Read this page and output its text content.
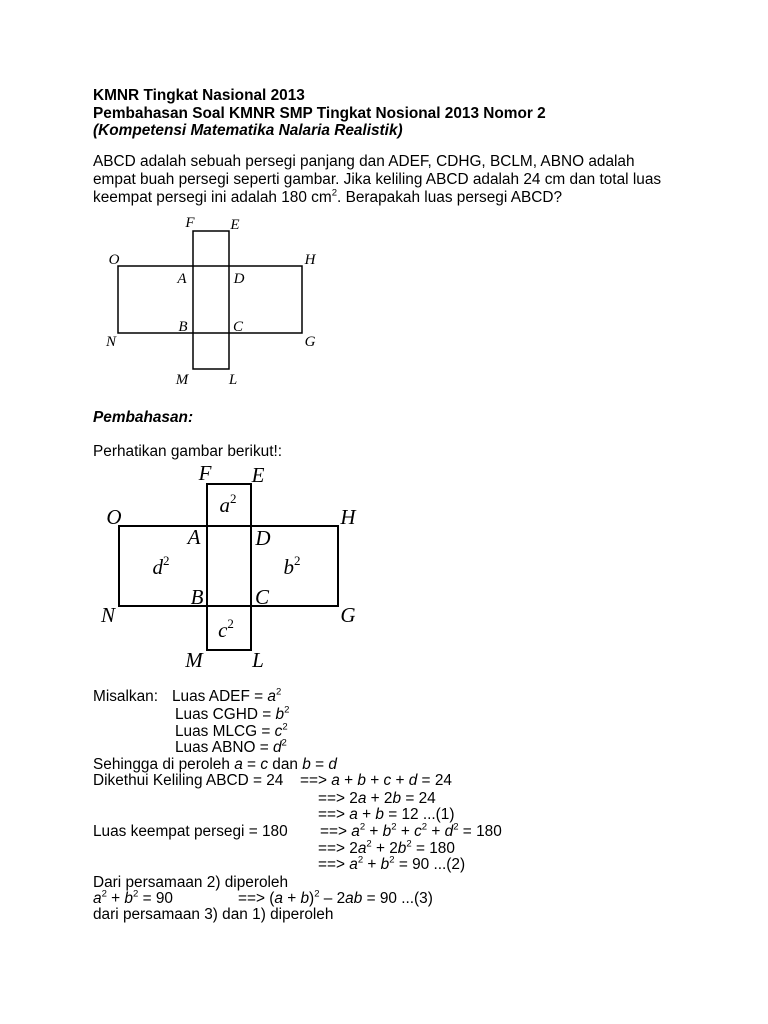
KMNR Tingkat Nasional 2013
Pembahasan Soal KMNR SMP Tingkat Nosional 2013 Nomor 2
(Kompetensi Matematika Nalaria Realistik)
ABCD adalah sebuah persegi panjang dan ADEF, CDHG, BCLM, ABNO adalah
empat buah persegi seperti gambar. Jika keliling ABCD adalah 24 cm dan total luas
keempat persegi ini adalah 180 $cm^2$. Berapakah luas persegi ABCD?
F E
O	H
A	D
B	C
N	G
M	L
Pembahasan:
Perhatikan gambar berikut!:
F E
O	H
A	D
B C
N	G
M L
$a^2$
$d^2$	$b^2$
$c^2$
Misalkan: Luas ADEF = $a^2$
Luas CGHD = $b^2$
Luas MLCG = $c^2$
Luas ABNO = $d^2$
Sehingga di peroleh a = c dan b = d
Dikethui Keliling ABCD = 24 ==> a + b + c + d = 24
==> 2a + 2b = 24
==> a + b = 12 ...(1)
Luas keempat persegi = 180 ==> $a^2 + b^2 + c^2 + d^2 = 180$
==> $2a^2 + 2b^2 = 180$
==> $a^2 + b^2 = 90$ ...(2)
Dari persamaan 2) diperoleh
$a^2 + b^2 = 90$	==> $(a + b)^2 - 2ab = 90$ ...(3)
dari persamaan 3) dan 1) diperoleh
